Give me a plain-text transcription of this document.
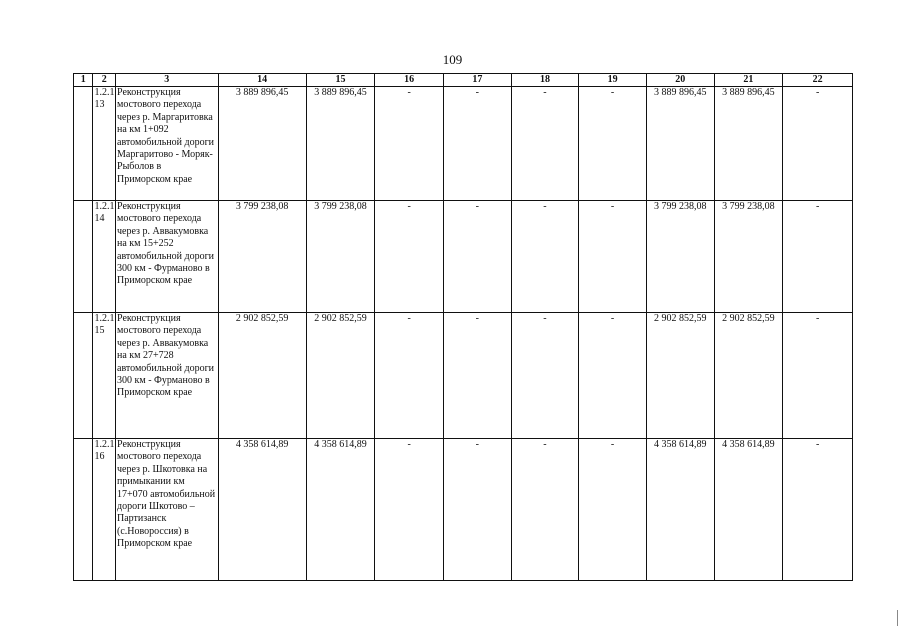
109
1	2	3	14	15	16	17	18	19	20	21	22
	1.2.1 13	Реконструкция мостового перехода через р. Маргаритовка на км 1+092 автомобильной дороги Маргаритово - Моряк-Рыболов в Приморском крае	3 889 896,45	3 889 896,45	-	-	-	-	3 889 896,45	3 889 896,45	-
	1.2.1 14	Реконструкция мостового перехода через р. Аввакумовка на км 15+252 автомобильной дороги 300 км - Фурманово в Приморском крае	3 799 238,08	3 799 238,08	-	-	-	-	3 799 238,08	3 799 238,08	-
	1.2.1 15	Реконструкция мостового перехода через р. Аввакумовка на км 27+728 автомобильной дороги 300 км - Фурманово в Приморском крае	2 902 852,59	2 902 852,59	-	-	-	-	2 902 852,59	2 902 852,59	-
	1.2.1 16	Реконструкция мостового перехода через р. Шкотовка на примыкании км 17+070 автомобильной дороги Шкотово – Партизанск (с.Новороссия) в Приморском крае	4 358 614,89	4 358 614,89	-	-	-	-	4 358 614,89	4 358 614,89	-
